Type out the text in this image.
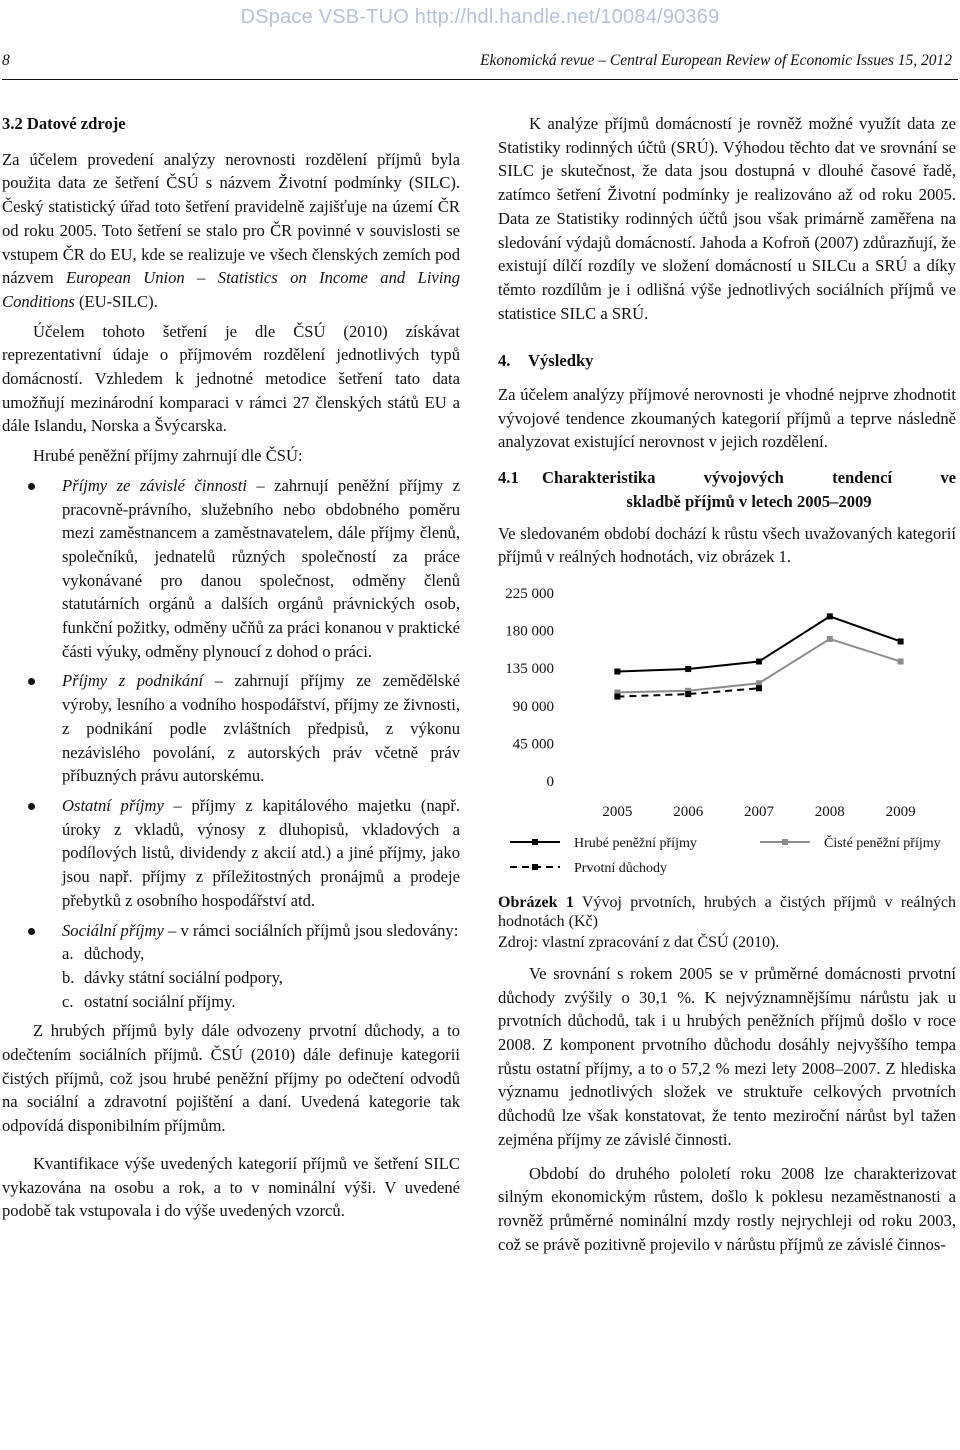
DSpace VSB-TUO http://hdl.handle.net/10084/90369
8	Ekonomická revue – Central European Review of Economic Issues 15, 2012
3.2 Datové zdroje

Za účelem provedení analýzy nerovnosti rozdělení příjmů byla použita data ze šetření ČSÚ s názvem Životní podmínky (SILC). Český statistický úřad toto šetření pravidelně zajišťuje na území ČR od roku 2005. Toto šetření se stalo pro ČR povinné v souvislosti se vstupem ČR do EU, kde se realizuje ve všech členských zemích pod názvem European Union – Statistics on Income and Living Conditions (EU-SILC).

Účelem tohoto šetření je dle ČSÚ (2010) získávat reprezentativní údaje o příjmovém rozdělení jednotlivých typů domácností. Vzhledem k jednotné metodice šetření tato data umožňují mezinárodní komparaci v rámci 27 členských států EU a dále Islandu, Norska a Švýcarska.

Hrubé peněžní příjmy zahrnují dle ČSÚ:

Příjmy ze závislé činnosti – zahrnují peněžní příjmy z pracovně-právního, služebního nebo obdobného poměru mezi zaměstnancem a zaměstnavatelem, dále příjmy členů, společníků, jednatelů různých společností za práce vykonávané pro danou společnost, odměny členů statutárních orgánů a dalších orgánů právnických osob, funkční požitky, odměny učňů za práci konanou v praktické části výuky, odměny plynoucí z dohod o práci.
Příjmy z podnikání – zahrnují příjmy ze zemědělské výroby, lesního a vodního hospodářství, příjmy ze živnosti, z podnikání podle zvláštních předpisů, z výkonu nezávislého povolání, z autorských práv včetně práv příbuzných právu autorskému.
Ostatní příjmy – příjmy z kapitálového majetku (např. úroky z vkladů, výnosy z dluhopisů, vkladových a podílových listů, dividendy z akcií atd.) a jiné příjmy, jako jsou např. příjmy z příležitostných pronájmů a prodeje přebytků z osobního hospodářství atd.
Sociální příjmy – v rámci sociálních příjmů jsou sledovány:
a. důchody,
b. dávky státní sociální podpory,
c. ostatní sociální příjmy.

Z hrubých příjmů byly dále odvozeny prvotní důchody, a to odečtením sociálních příjmů. ČSÚ (2010) dále definuje kategorii čistých příjmů, což jsou hrubé peněžní příjmy po odečtení odvodů na sociální a zdravotní pojištění a daní. Uvedená kategorie tak odpovídá disponibilním příjmům.

Kvantifikace výše uvedených kategorií příjmů ve šetření SILC vykazována na osobu a rok, a to v nominální výši. V uvedené podobě tak vstupovala i do výše uvedených vzorců.

K analýze příjmů domácností je rovněž možné využít data ze Statistiky rodinných účtů (SRÚ). Výhodou těchto dat ve srovnání se SILC je skutečnost, že data jsou dostupná v dlouhé časové řadě, zatímco šetření Životní podmínky je realizováno až od roku 2005. Data ze Statistiky rodinných účtů jsou však primárně zaměřena na sledování výdajů domácností. Jahoda a Kofroň (2007) zdůrazňují, že existují dílčí rozdíly ve složení domácností u SILCu a SRÚ a díky těmto rozdílům je i odlišná výše jednotlivých sociálních příjmů ve statistice SILC a SRÚ.

4. Výsledky

Za účelem analýzy příjmové nerovnosti je vhodné nejprve zhodnotit vývojové tendence zkoumaných kategorií příjmů a teprve následně analyzovat existující nerovnost v jejich rozdělení.

4.1	Charakteristika vývojových tendencí ve
skladbě příjmů v letech 2005–2009

Ve sledovaném období dochází k růstu všech uvažovaných kategorií příjmů v reálných hodnotách, viz obrázek 1.

0
45 000
90 000
135 000
180 000
225 000
2005	2006	2007	2008	2009
Hrubé peněžní příjmy	Čisté peněžní příjmy
Prvotní důchody

Obrázek 1 Vývoj prvotních, hrubých a čistých příjmů v reálných hodnotách (Kč)

Zdroj: vlastní zpracování z dat ČSÚ (2010).

Ve srovnání s rokem 2005 se v průměrné domácnosti prvotní důchody zvýšily o 30,1 %. K nejvýznamnějšímu nárůstu jak u prvotních důchodů, tak i u hrubých peněžních příjmů došlo v roce 2008. Z komponent prvotního důchodu dosáhly nejvyššího tempa růstu ostatní příjmy, a to o 57,2 % mezi lety 2008–2007. Z hlediska významu jednotlivých složek ve struktuře celkových prvotních důchodů lze však konstatovat, že tento meziroční nárůst byl tažen zejména příjmy ze závislé činnosti.

Období do druhého pololetí roku 2008 lze charakterizovat silným ekonomickým růstem, došlo k poklesu nezaměstnanosti a rovněž průměrné nominální mzdy rostly nejrychleji od roku 2003, což se právě pozitivně projevilo v nárůstu příjmů ze závislé činnos-
